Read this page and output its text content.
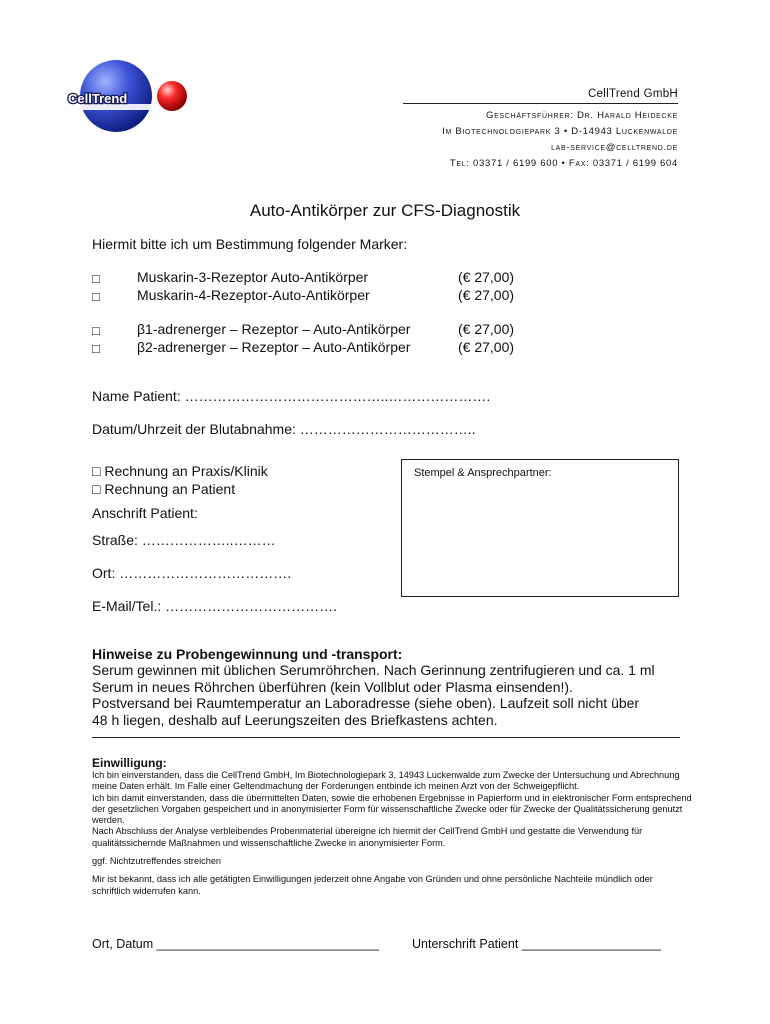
CellTrend	CellTrend GmbH
Geschäftsführer: Dr. Harald Heidecke
Im Biotechnologiepark 3 • D-14943 Luckenwalde
lab-service@celltrend.de
Tel: 03371 / 6199 600 • Fax: 03371 / 6199 604
Auto-Antikörper zur CFS-Diagnostik
Hiermit bitte ich um Bestimmung folgender Marker:
□	Muskarin-3-Rezeptor Auto-Antikörper	(€ 27,00)
□	Muskarin-4-Rezeptor-Auto-Antikörper	(€ 27,00)
□	β1-adrenerger – Rezeptor – Auto-Antikörper	(€ 27,00)
□	β2-adrenerger – Rezeptor – Auto-Antikörper	(€ 27,00)
Name Patient: ……………………………………..………………….
Datum/Uhrzeit der Blutabnahme: ………………………………..
□ Rechnung an Praxis/Klinik
□ Rechnung an Patient
Stempel & Ansprechpartner:
Anschrift Patient:
Straße: ………………..………
Ort: ……………………………….
E-Mail/Tel.: ……………………………….
Hinweise zu Probengewinnung und -transport:
Serum gewinnen mit üblichen Serumröhrchen. Nach Gerinnung zentrifugieren und ca. 1 ml
Serum in neues Röhrchen überführen (kein Vollblut oder Plasma einsenden!).
Postversand bei Raumtemperatur an Laboradresse (siehe oben). Laufzeit soll nicht über
48 h liegen, deshalb auf Leerungszeiten des Briefkastens achten.
Einwilligung:

Ich bin einverstanden, dass die CellTrend GmbH, Im Biotechnologiepark 3, 14943 Luckenwalde zum Zwecke der Untersuchung und Abrechnung meine Daten erhält. Im Falle einer Geltendmachung der Forderungen entbinde ich meinen Arzt von der Schweigepflicht.

Ich bin damit einverstanden, dass die übermittelten Daten, sowie die erhobenen Ergebnisse in Papierform und in elektronischer Form entsprechend der gesetzlichen Vorgaben gespeichert und in anonymisierter Form für wissenschaftliche Zwecke oder für Zwecke der Qualitätssicherung genutzt werden.

Nach Abschluss der Analyse verbleibendes Probenmaterial übereigne ich hiermit der CellTrend GmbH und gestatte die Verwendung für qualitätssichernde Maßnahmen und wissenschaftliche Zwecke in anonymisierter Form.

ggf. Nichtzutreffendes streichen

Mir ist bekannt, dass ich alle getätigten Einwilligungen jederzeit ohne Angabe von Gründen und ohne persönliche Nachteile mündlich oder schriftlich widerrufen kann.

Ort, Datum ________________________________	Unterschrift Patient ____________________
